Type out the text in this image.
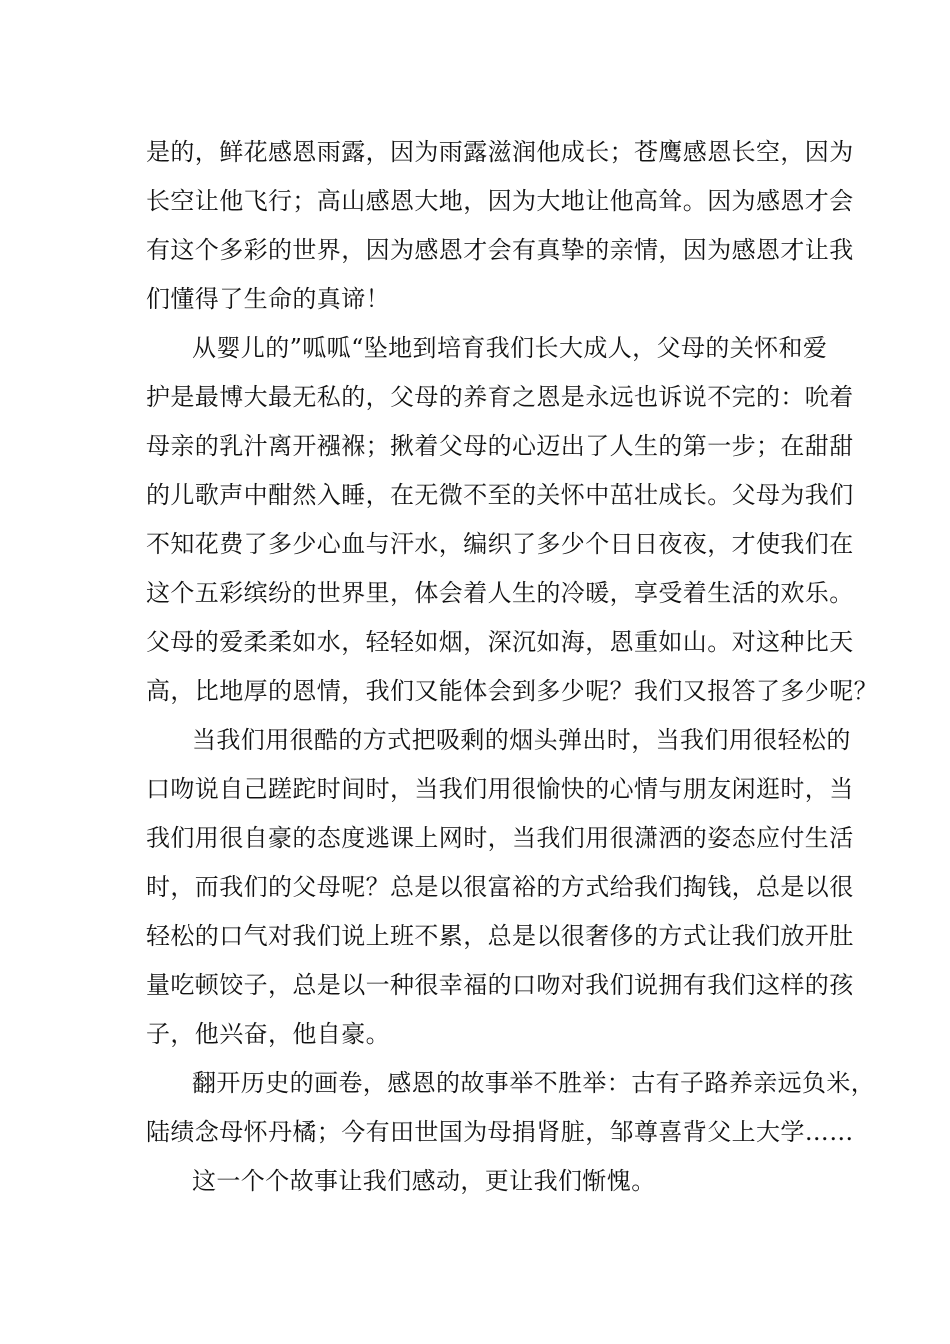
是的，鲜花感恩雨露，因为雨露滋润他成长；苍鹰感恩长空，因为
长空让他飞行；高山感恩大地，因为大地让他高耸。因为感恩才会
有这个多彩的世界，因为感恩才会有真挚的亲情，因为感恩才让我
们懂得了生命的真谛！
从婴儿的”呱呱“坠地到培育我们长大成人，父母的关怀和爱
护是最博大最无私的，父母的养育之恩是永远也诉说不完的：吮着
母亲的乳汁离开襁褓；揪着父母的心迈出了人生的第一步；在甜甜
的儿歌声中酣然入睡，在无微不至的关怀中茁壮成长。父母为我们
不知花费了多少心血与汗水，编织了多少个日日夜夜，才使我们在
这个五彩缤纷的世界里，体会着人生的冷暖，享受着生活的欢乐。
父母的爱柔柔如水，轻轻如烟，深沉如海，恩重如山。对这种比天
高，比地厚的恩情，我们又能体会到多少呢？我们又报答了多少呢？
当我们用很酷的方式把吸剩的烟头弹出时，当我们用很轻松的
口吻说自己蹉跎时间时，当我们用很愉快的心情与朋友闲逛时，当
我们用很自豪的态度逃课上网时，当我们用很潇洒的姿态应付生活
时，而我们的父母呢？总是以很富裕的方式给我们掏钱，总是以很
轻松的口气对我们说上班不累，总是以很奢侈的方式让我们放开肚
量吃顿饺子，总是以一种很幸福的口吻对我们说拥有我们这样的孩
子，他兴奋，他自豪。
翻开历史的画卷，感恩的故事举不胜举：古有子路养亲远负米，
陆绩念母怀丹橘；今有田世国为母捐肾脏，邹尊喜背父上大学……
这一个个故事让我们感动，更让我们惭愧。
